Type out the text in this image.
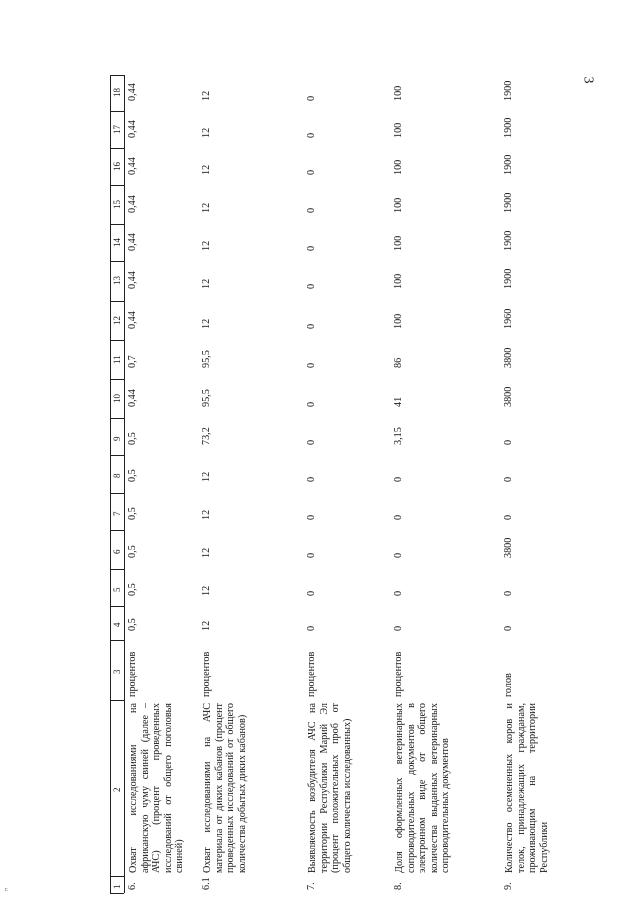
3
1
2
3
4
5
6
7
8
9
10
11
12
13
14
15
16
17
18
6.
Охват исследованиями на африканскую чуму свиней (далее – АЧС) (процент проведенных исследований от общего поголовья свиней)
процентов
0,5
0,5
0,5
0,5
0,5
0,5
0,44
0,7
0,44
0,44
0,44
0,44
0,44
0,44
0,44
6.1
Охват исследованиями на АЧС материала от диких кабанов (процент проведенных исследований от общего количества добытых диких кабанов)
процентов
12
12
12
12
12
73,2
95,5
95,5
12
12
12
12
12
12
12
7.
Выявляемость возбудителя АЧС на территории Республики Марий Эл (процент положительных проб от общего количества исследованных)
процентов
0
0
0
0
0
0
0
0
0
0
0
0
0
0
0
8.
Доля оформленных ветеринарных сопроводительных документов в электронном виде от общего количества выданных ветеринарных сопроводительных документов
процентов
0
0
0
0
0
3,15
41
86
100
100
100
100
100
100
100
9.
Количество осемененных коров и телок, принадлежащих гражданам, проживающим на территории Республики
голов
0
0
3800
0
0
0
3800
3800
1960
1900
1900
1900
1900
1900
1900
г.
